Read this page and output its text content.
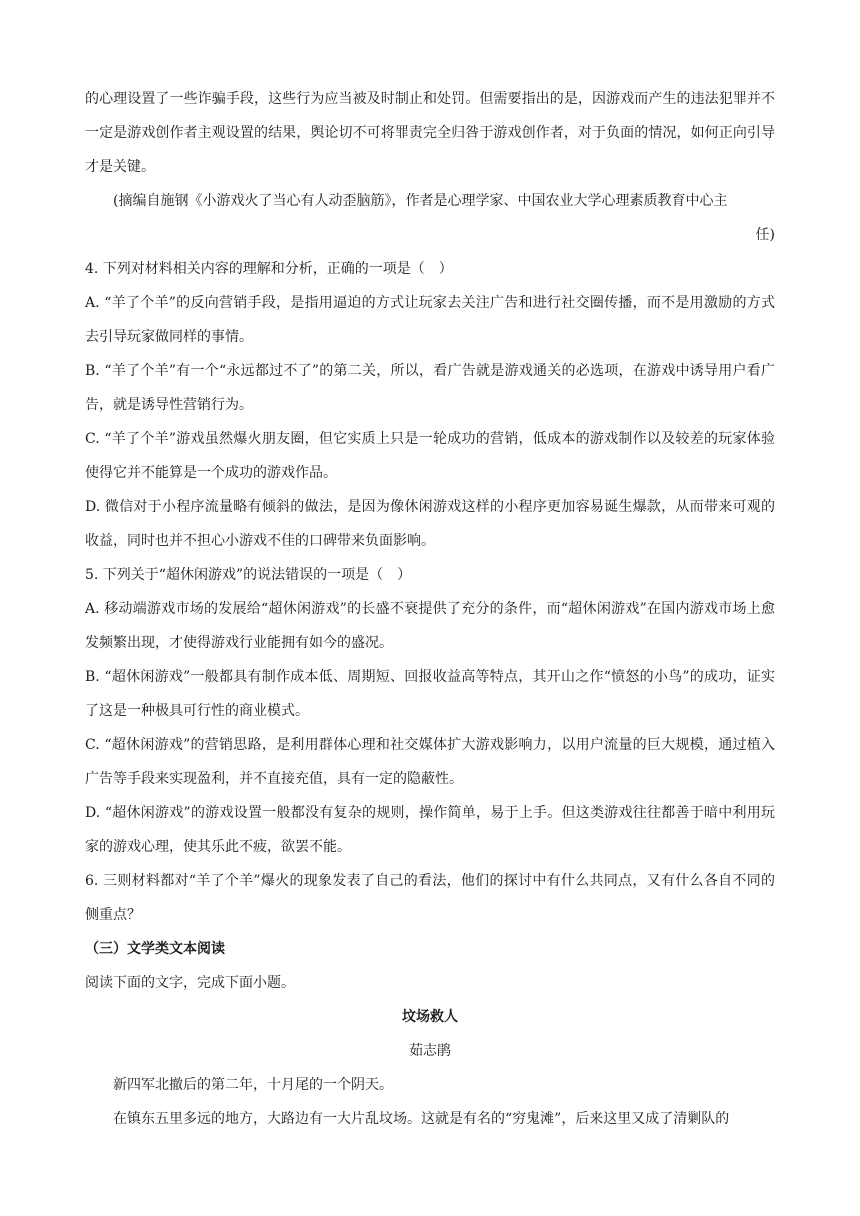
的心理设置了一些诈骗手段，这些行为应当被及时制止和处罚。但需要指出的是，因游戏而产生的违法犯罪并不一定是游戏创作者主观设置的结果，舆论切不可将罪责完全归咎于游戏创作者，对于负面的情况，如何正向引导才是关键。
(摘编自施钢《小游戏火了当心有人动歪脑筋》，作者是心理学家、中国农业大学心理素质教育中心主
任)
4. 下列对材料相关内容的理解和分析，正确的一项是（　）
A. “羊了个羊”的反向营销手段，是指用逼迫的方式让玩家去关注广告和进行社交圈传播，而不是用激励的方式去引导玩家做同样的事情。
B. “羊了个羊”有一个“永远都过不了”的第二关，所以，看广告就是游戏通关的必选项，在游戏中诱导用户看广告，就是诱导性营销行为。
C. “羊了个羊”游戏虽然爆火朋友圈，但它实质上只是一轮成功的营销，低成本的游戏制作以及较差的玩家体验使得它并不能算是一个成功的游戏作品。
D. 微信对于小程序流量略有倾斜的做法，是因为像休闲游戏这样的小程序更加容易诞生爆款，从而带来可观的收益，同时也并不担心小游戏不佳的口碑带来负面影响。
5. 下列关于“超休闲游戏”的说法错误的一项是（　）
A. 移动端游戏市场的发展给“超休闲游戏”的长盛不衰提供了充分的条件，而“超休闲游戏”在国内游戏市场上愈发频繁出现，才使得游戏行业能拥有如今的盛况。
B. “超休闲游戏”一般都具有制作成本低、周期短、回报收益高等特点，其开山之作“愤怒的小鸟”的成功，证实了这是一种极具可行性的商业模式。
C. “超休闲游戏”的营销思路，是利用群体心理和社交媒体扩大游戏影响力，以用户流量的巨大规模，通过植入广告等手段来实现盈利，并不直接充值，具有一定的隐蔽性。
D. “超休闲游戏”的游戏设置一般都没有复杂的规则，操作简单，易于上手。但这类游戏往往都善于暗中利用玩家的游戏心理，使其乐此不疲，欲罢不能。
6. 三则材料都对“羊了个羊”爆火的现象发表了自己的看法，他们的探讨中有什么共同点，又有什么各自不同的侧重点？
（三）文学类文本阅读
阅读下面的文字，完成下面小题。
坟场救人
茹志鹃
新四军北撤后的第二年，十月尾的一个阴天。
在镇东五里多远的地方，大路边有一大片乱坟场。这就是有名的“穷鬼滩”，后来这里又成了清剿队的
